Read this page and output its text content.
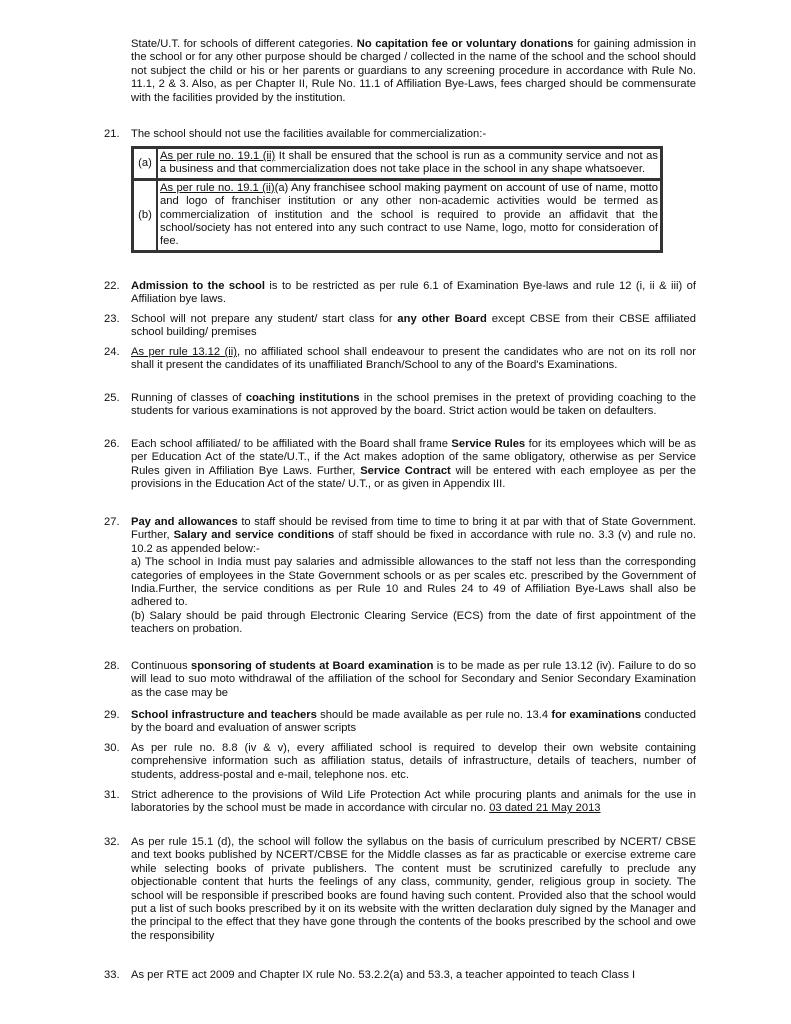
State/U.T. for schools of different categories. No capitation fee or voluntary donations for gaining admission in the school or for any other purpose should be charged / collected in the name of the school and the school should not subject the child or his or her parents or guardians to any screening procedure in accordance with Rule No. 11.1, 2 & 3. Also, as per Chapter II, Rule No. 11.1 of Affiliation Bye-Laws, fees charged should be commensurate with the facilities provided by the institution.
21.	The school should not use the facilities available for commercialization:-
(a)	As per rule no. 19.1 (ii) It shall be ensured that the school is run as a community service and not as a business and that commercialization does not take place in the school in any shape whatsoever.
(b)	As per rule no. 19.1 (ii)(a) Any franchisee school making payment on account of use of name, motto and logo of franchiser institution or any other non-academic activities would be termed as commercialization of institution and the school is required to provide an affidavit that the school/society has not entered into any such contract to use Name, logo, motto for consideration of fee.
22.	Admission to the school is to be restricted as per rule 6.1 of Examination Bye-laws and rule 12 (i, ii & iii) of Affiliation bye laws.
23.	School will not prepare any student/ start class for any other Board except CBSE from their CBSE affiliated school building/ premises
24.	As per rule 13.12 (ii), no affiliated school shall endeavour to present the candidates who are not on its roll nor shall it present the candidates of its unaffiliated Branch/School to any of the Board's Examinations.
25.	Running of classes of coaching institutions in the school premises in the pretext of providing coaching to the students for various examinations is not approved by the board. Strict action would be taken on defaulters.
26.	Each school affiliated/ to be affiliated with the Board shall frame Service Rules for its employees which will be as per Education Act of the state/U.T., if the Act makes adoption of the same obligatory, otherwise as per Service Rules given in Affiliation Bye Laws. Further, Service Contract will be entered with each employee as per the provisions in the Education Act of the state/ U.T., or as given in Appendix III.
27.	Pay and allowances to staff should be revised from time to time to bring it at par with that of State Government. Further, Salary and service conditions of staff should be fixed in accordance with rule no. 3.3 (v) and rule no. 10.2 as appended below:-

a) The school in India must pay salaries and admissible allowances to the staff not less than the corresponding categories of employees in the State Government schools or as per scales etc. prescribed by the Government of India.Further, the service conditions as per Rule 10 and Rules 24 to 49 of Affiliation Bye-Laws shall also be adhered to.

(b) Salary should be paid through Electronic Clearing Service (ECS) from the date of first appointment of the teachers on probation.

28.	Continuous sponsoring of students at Board examination is to be made as per rule 13.12 (iv). Failure to do so will lead to suo moto withdrawal of the affiliation of the school for Secondary and Senior Secondary Examination as the case may be
29.	School infrastructure and teachers should be made available as per rule no. 13.4 for examinations conducted by the board and evaluation of answer scripts
30.	As per rule no. 8.8 (iv & v), every affiliated school is required to develop their own website containing comprehensive information such as affiliation status, details of infrastructure, details of teachers, number of students, address-postal and e-mail, telephone nos. etc.
31.	Strict adherence to the provisions of Wild Life Protection Act while procuring plants and animals for the use in laboratories by the school must be made in accordance with circular no. 03 dated 21 May 2013
32.	As per rule 15.1 (d), the school will follow the syllabus on the basis of curriculum prescribed by NCERT/ CBSE and text books published by NCERT/CBSE for the Middle classes as far as practicable or exercise extreme care while selecting books of private publishers. The content must be scrutinized carefully to preclude any objectionable content that hurts the feelings of any class, community, gender, religious group in society. The school will be responsible if prescribed books are found having such content. Provided also that the school would put a list of such books prescribed by it on its website with the written declaration duly signed by the Manager and the principal to the effect that they have gone through the contents of the books prescribed by the school and owe the responsibility
33.	As per RTE act 2009 and Chapter IX rule No. 53.2.2(a) and 53.3, a teacher appointed to teach Class I
